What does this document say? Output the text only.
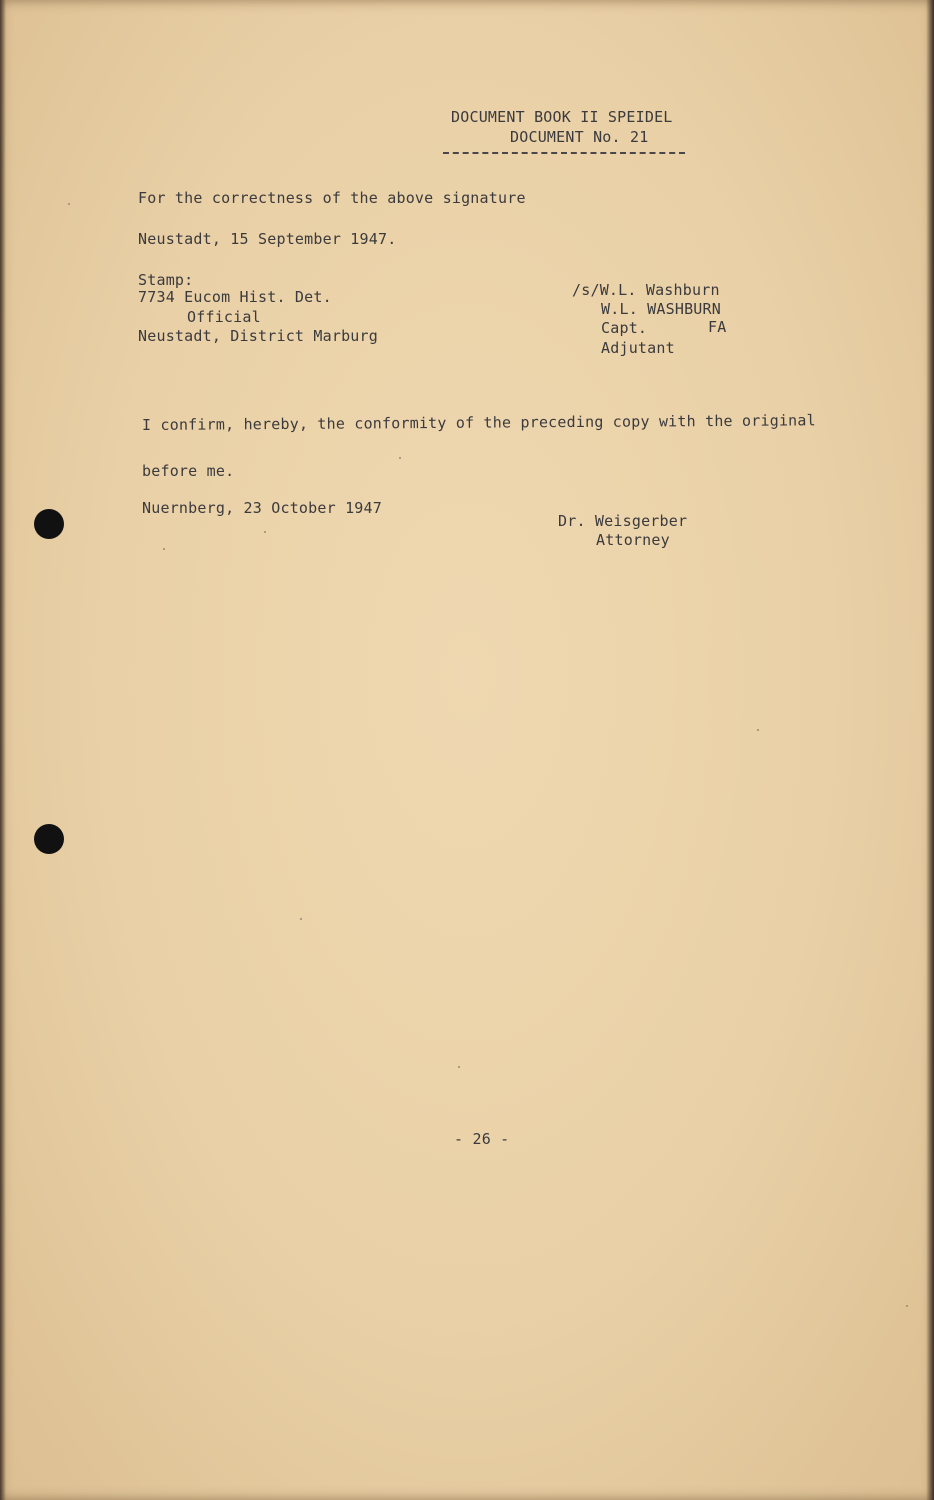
DOCUMENT BOOK II SPEIDEL
DOCUMENT No. 21
For the correctness of the above signature
Neustadt, 15 September 1947.
Stamp:
7734 Eucom Hist. Det.
Official
Neustadt, District Marburg
/s/W.L. Washburn
W.L. WASHBURN
Capt.	FA
Adjutant
I confirm, hereby, the conformity of the preceding copy with the original
before me.
Nuernberg, 23 October 1947
Dr. Weisgerber
Attorney
- 26 -
